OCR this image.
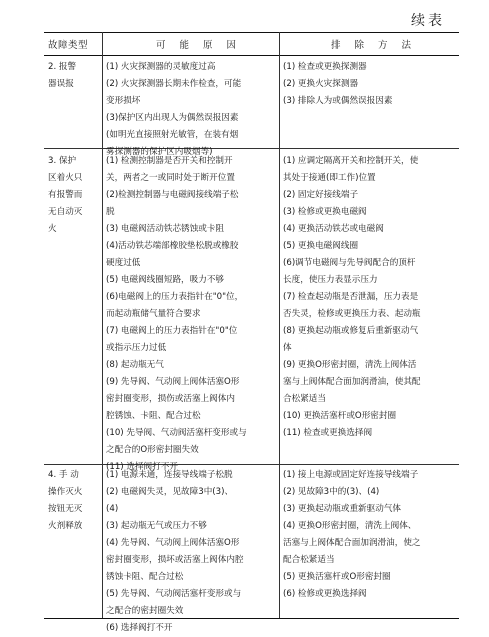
续表
故障类型	可能原因	排除方法
2. 报警
器误报
(1) 火灾探测器的灵敏度过高
(2) 火灾探测器长期未作检查，可能
变形损坏
(3)保护区内出现人为偶然误报因素
(如明光直接照射光敏管，在装有烟
雾探测器的保护区内吸烟等)
(1) 检查或更换探测器
(2) 更换火灾探测器
(3) 排除人为或偶然误报因素
3. 保护
区着火只
有报警而
无自动灭
火
(1) 检测控制器是否开关和控制开
关，两者之一或同时处于断开位置
(2)检测控制器与电磁阀接线端子松
脱
(3) 电磁阀活动铁芯锈蚀或卡阻
(4)活动铁芯端部橡胶垫松脱或橡胶
硬度过低
(5) 电磁阀线圈短路，吸力不够
(6)电磁阀上的压力表指针在"0"位，
而起动瓶储气量符合要求
(7) 电磁阀上的压力表指针在"0"位
或指示压力过低
(8) 起动瓶无气
(9) 先导阀、气动阀上阀体活塞O形
密封圈变形，损伤或活塞上阀体内
腔锈蚀、卡阻、配合过松
(10) 先导阀、气动阀活塞杆变形或与
之配合的O形密封圈失效
(11) 选择阀打不开
(1) 应调定隔离开关和控制开关，使
其处于接通(即工作)位置
(2) 固定好接线端子
(3) 检修或更换电磁阀
(4) 更换活动铁芯或电磁阀
(5) 更换电磁阀线圈
(6)调节电磁阀与先导阀配合的顶杆
长度，使压力表显示压力
(7) 检查起动瓶是否泄漏，压力表是
否失灵，检修或更换压力表、起动瓶
(8) 更换起动瓶或修复后重新驱动气
体
(9) 更换O形密封圈，清洗上阀体活
塞与上阀体配合面加润滑油，使其配
合松紧适当
(10) 更换活塞杆或O形密封圈
(11) 检查或更换选择阀
4. 手 动
操作灭火
按钮无灭
火剂释放
(1) 电源未通，连接导线端子松脱
(2) 电磁阀失灵，见故障3中(3)、
(4)
(3) 起动瓶无气或压力不够
(4) 先导阀、气动阀上阀体活塞O形
密封圈变形，损坏或活塞上阀体内腔
锈蚀卡阻、配合过松
(5) 先导阀、气动阀活塞杆变形或与
之配合的密封圈失效
(6) 选择阀打不开
(1) 接上电源或固定好连接导线端子
(2) 见故障3中的(3)、(4)
(3) 更换起动瓶或重新驱动气体
(4) 更换O形密封圈，清洗上阀体、
活塞与上阀体配合面加润滑油，使之
配合松紧适当
(5) 更换活塞杆或O形密封圈
(6) 检修或更换选择阀
